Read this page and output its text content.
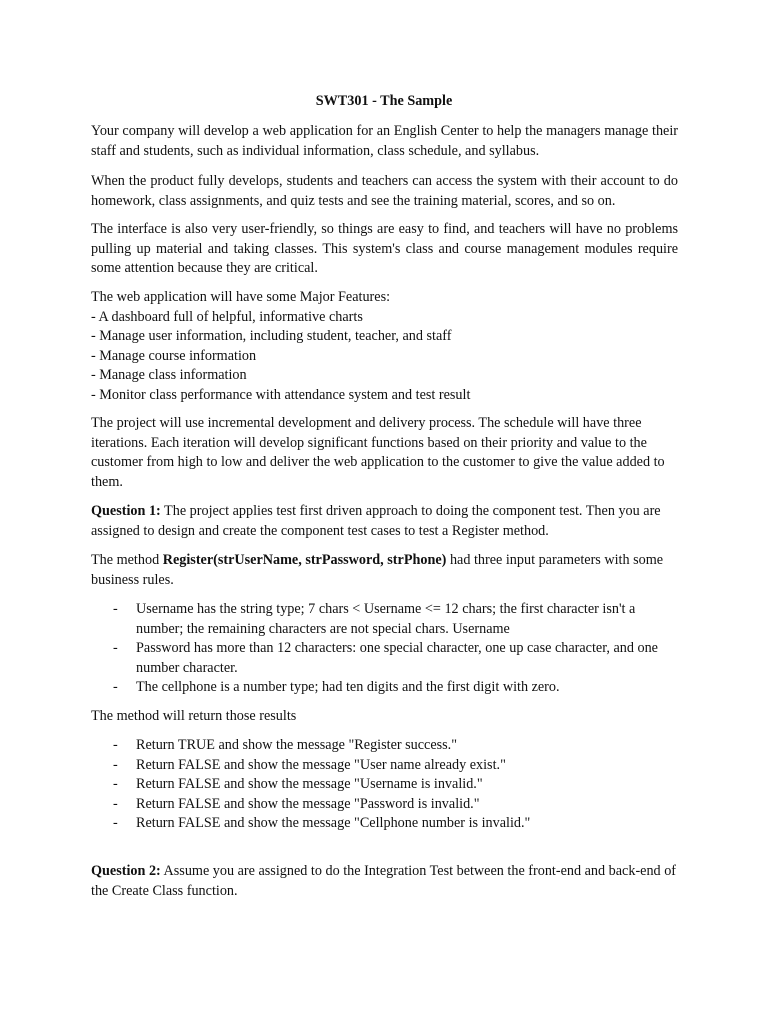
SWT301 - The Sample

Your company will develop a web application for an English Center to help the managers manage their staff and students, such as individual information, class schedule, and syllabus.

When the product fully develops, students and teachers can access the system with their account to do homework, class assignments, and quiz tests and see the training material, scores, and so on.

The interface is also very user-friendly, so things are easy to find, and teachers will have no problems pulling up material and taking classes. This system's class and course management modules require some attention because they are critical.

The web application will have some Major Features:
- A dashboard full of helpful, informative charts
- Manage user information, including student, teacher, and staff
- Manage course information
- Manage class information
- Monitor class performance with attendance system and test result

The project will use incremental development and delivery process. The schedule will have three iterations. Each iteration will develop significant functions based on their priority and value to the customer from high to low and deliver the web application to the customer to give the value added to them.

Question 1: The project applies test first driven approach to doing the component test. Then you are assigned to design and create the component test cases to test a Register method.

The method Register(strUserName, strPassword, strPhone) had three input parameters with some business rules.

- Username has the string type; 7 chars < Username <= 12 chars; the first character isn't a number; the remaining characters are not special chars. Username
- Password has more than 12 characters: one special character, one up case character, and one number character.
- The cellphone is a number type; had ten digits and the first digit with zero.

The method will return those results

- Return TRUE and show the message "Register success."
- Return FALSE and show the message "User name already exist."
- Return FALSE and show the message "Username is invalid."
- Return FALSE and show the message "Password is invalid."
- Return FALSE and show the message "Cellphone number is invalid."

Question 2: Assume you are assigned to do the Integration Test between the front-end and back-end of the Create Class function.
